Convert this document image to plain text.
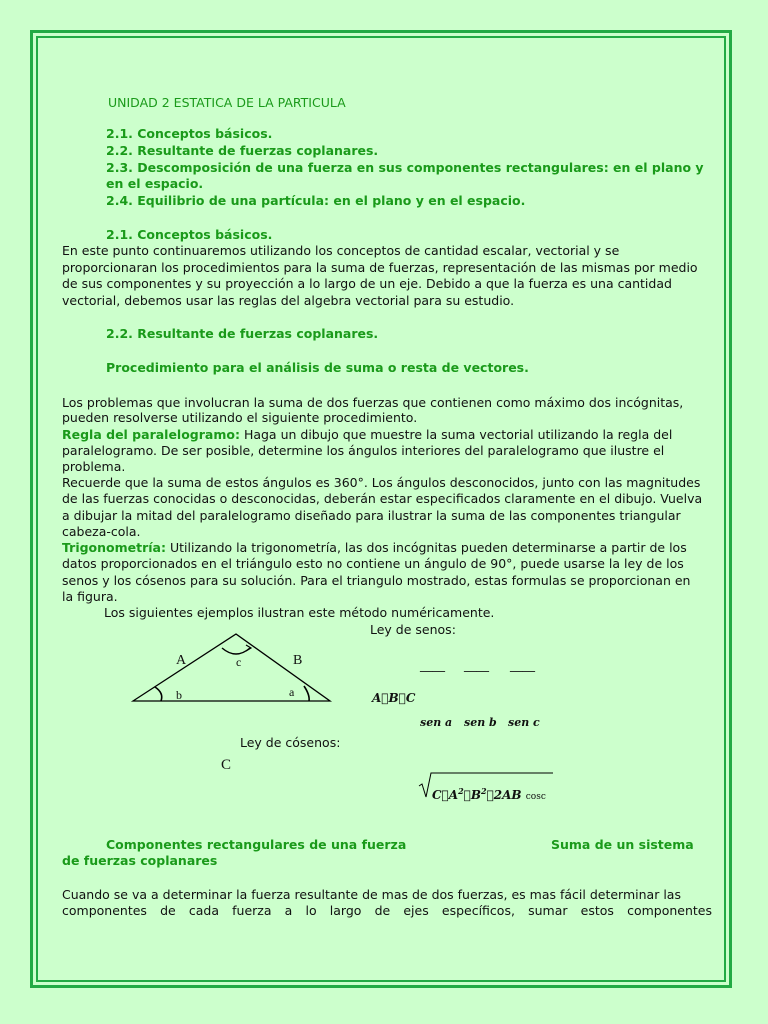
UNIDAD 2 ESTATICA DE LA PARTICULA
2.1. Conceptos básicos.
2.2. Resultante de fuerzas coplanares.
2.3. Descomposición de una fuerza en sus componentes rectangulares: en el plano y
en el espacio.
2.4. Equilibrio de una partícula: en el plano y en el espacio.
2.1. Conceptos básicos.
En este punto continuaremos utilizando los conceptos de cantidad escalar, vectorial y se
proporcionaran los procedimientos para la suma de fuerzas, representación de las mismas por medio
de sus componentes y su proyección a lo largo de un eje. Debido a que la fuerza es una cantidad
vectorial, debemos usar las reglas del algebra vectorial para su estudio.
2.2. Resultante de fuerzas coplanares.
Procedimiento para el análisis de suma o resta de vectores.
Los problemas que involucran la suma de dos fuerzas que contienen como máximo dos incógnitas,
pueden resolverse utilizando el siguiente procedimiento.
Regla del paralelogramo: Haga un dibujo que muestre la suma vectorial utilizando la regla del
paralelogramo. De ser posible, determine los ángulos interiores del paralelogramo que ilustre el
problema.
Recuerde que la suma de estos ángulos es 360°. Los ángulos desconocidos, junto con las magnitudes
de las fuerzas conocidas o desconocidas, deberán estar especificados claramente en el dibujo. Vuelva
a dibujar la mitad del paralelogramo diseñado para ilustrar la suma de las componentes triangular
cabeza-cola.
Trigonometría: Utilizando la trigonometría, las dos incógnitas pueden determinarse a partir de los
datos proporcionados en el triángulo esto no contiene un ángulo de 90°, puede usarse la ley de los
senos y los cósenos para su solución. Para el triangulo mostrado, estas formulas se proporcionan en
la figura.
Los siguientes ejemplos ilustran este método numéricamente.
A	B
c
b	a
C
Ley de senos:
____ ____ ____
A B C
sen a sen b sen c
Ley de cósenos:
$C A^2 B^2 2AB$ cosc
Componentes rectangulares de una fuerza	Suma de un sistema
de fuerzas coplanares
Cuando se va a determinar la fuerza resultante de mas de dos fuerzas, es mas fácil determinar las
componentes de cada fuerza a lo largo de ejes específicos, sumar estos componentes
